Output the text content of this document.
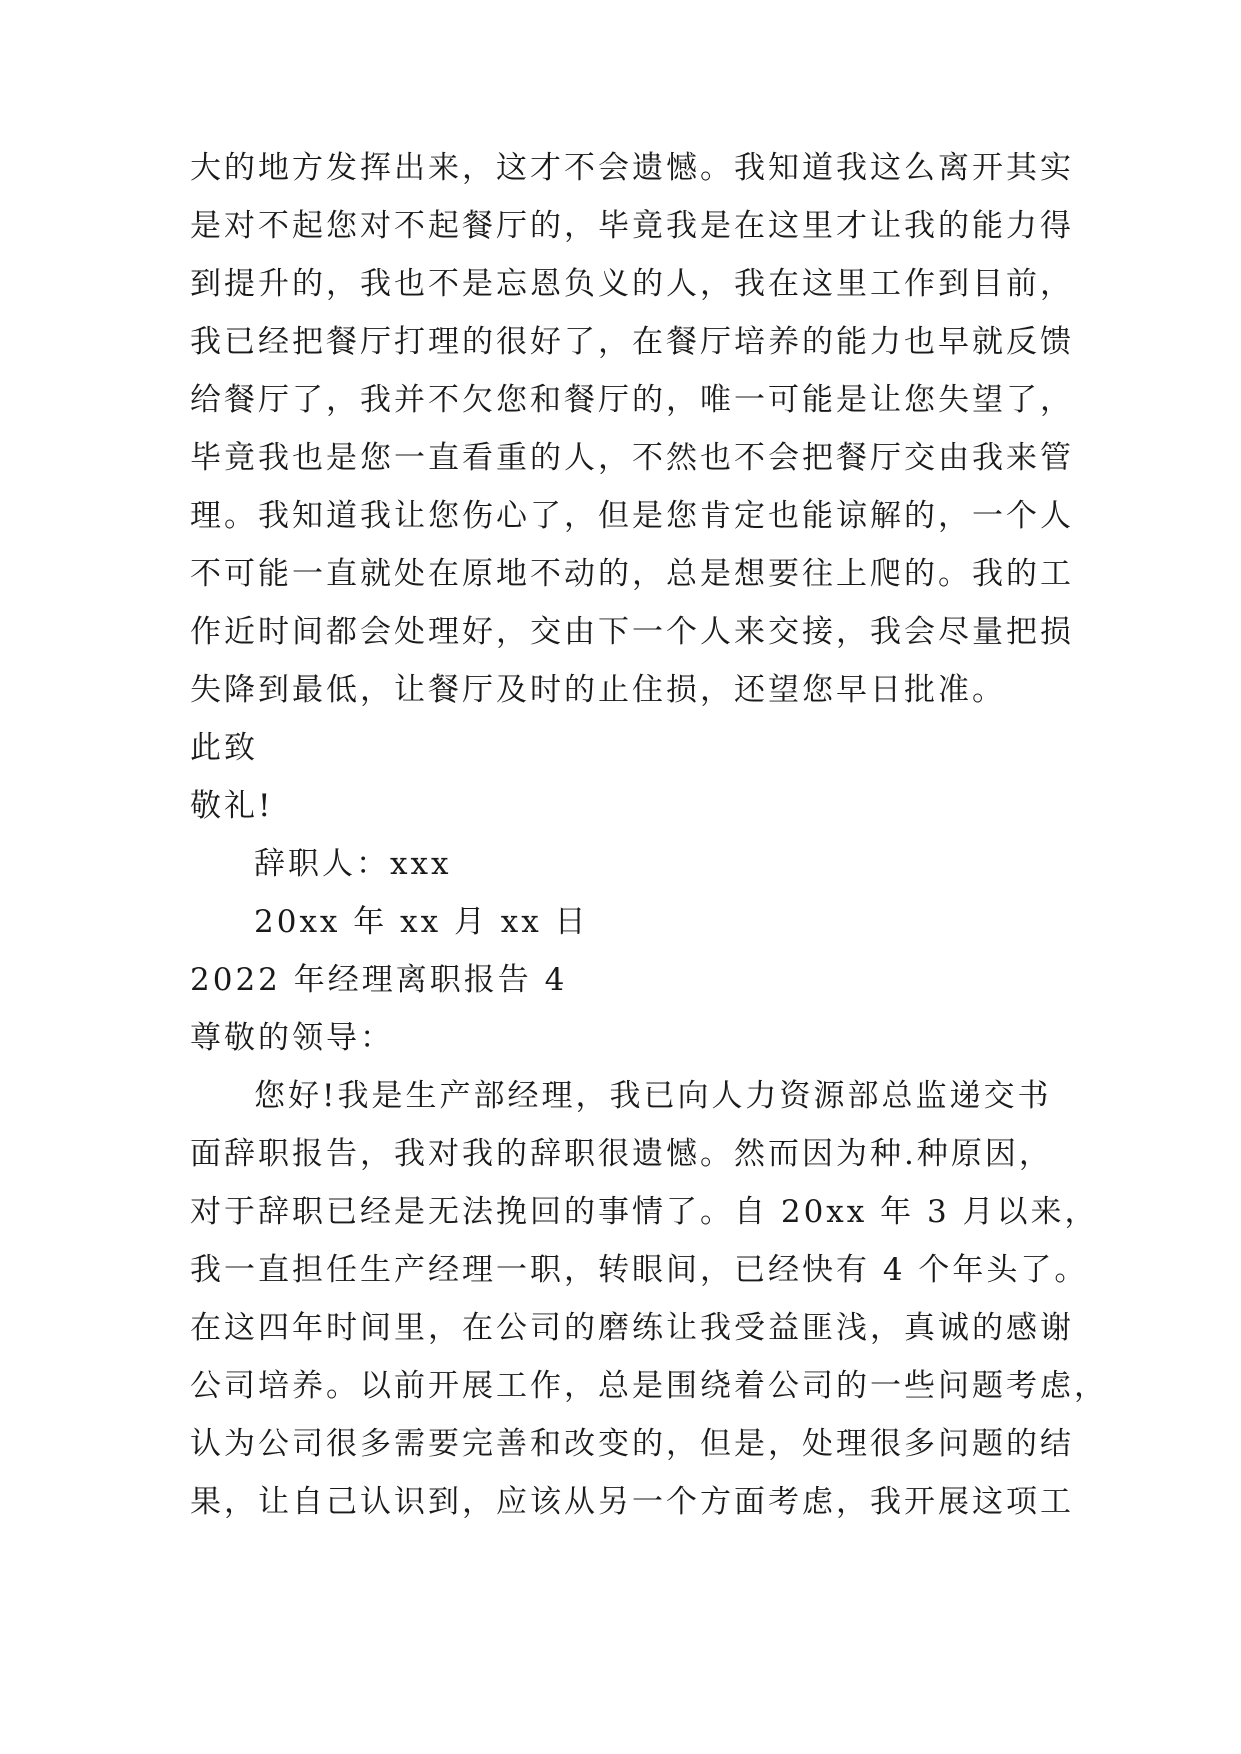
大的地方发挥出来，这才不会遗憾。我知道我这么离开其实
是对不起您对不起餐厅的，毕竟我是在这里才让我的能力得
到提升的，我也不是忘恩负义的人，我在这里工作到目前，
我已经把餐厅打理的很好了，在餐厅培养的能力也早就反馈
给餐厅了，我并不欠您和餐厅的，唯一可能是让您失望了，
毕竟我也是您一直看重的人，不然也不会把餐厅交由我来管
理。我知道我让您伤心了，但是您肯定也能谅解的，一个人
不可能一直就处在原地不动的，总是想要往上爬的。我的工
作近时间都会处理好，交由下一个人来交接，我会尽量把损
失降到最低，让餐厅及时的止住损，还望您早日批准。
此致
敬礼!
辞职人：xxx
20xx 年 xx 月 xx 日
2022 年经理离职报告 4
尊敬的领导：
您好!我是生产部经理，我已向人力资源部总监递交书
面辞职报告，我对我的辞职很遗憾。然而因为种.种原因，
对于辞职已经是无法挽回的事情了。自 20xx 年 3 月以来，
我一直担任生产经理一职，转眼间，已经快有 4 个年头了。
在这四年时间里，在公司的磨练让我受益匪浅，真诚的感谢
公司培养。以前开展工作，总是围绕着公司的一些问题考虑，
认为公司很多需要完善和改变的，但是，处理很多问题的结
果，让自己认识到，应该从另一个方面考虑，我开展这项工
